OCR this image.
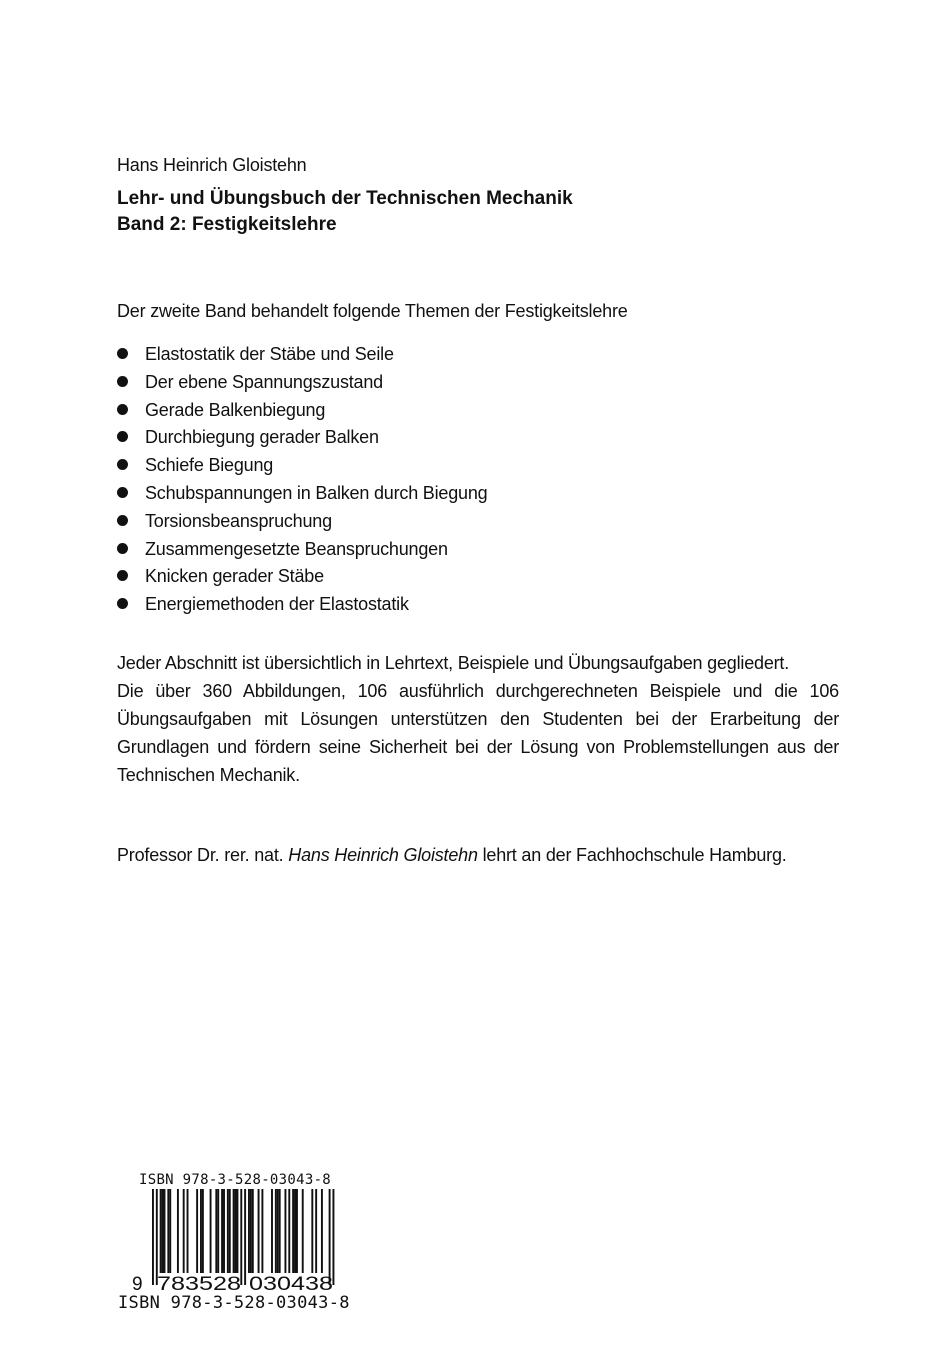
Hans Heinrich Gloistehn
Lehr- und Übungsbuch der Technischen Mechanik
Band 2: Festigkeitslehre
Der zweite Band behandelt folgende Themen der Festigkeitslehre
Elastostatik der Stäbe und Seile
Der ebene Spannungszustand
Gerade Balkenbiegung
Durchbiegung gerader Balken
Schiefe Biegung
Schubspannungen in Balken durch Biegung
Torsionsbeanspruchung
Zusammengesetzte Beanspruchungen
Knicken gerader Stäbe
Energiemethoden der Elastostatik

Jeder Abschnitt ist übersichtlich in Lehrtext, Beispiele und Übungsaufgaben gegliedert.

Die über 360 Abbildungen, 106 ausführlich durchgerechneten Beispiele und die 106 Übungsaufgaben mit Lösungen unterstützen den Studenten bei der Erarbeitung der Grundlagen und fördern seine Sicherheit bei der Lösung von Problemstellungen aus der Technischen Mechanik.

Professor Dr. rer. nat. Hans Heinrich Gloistehn lehrt an der Fachhochschule Hamburg.
ISBN 978-3-528-03043-8
9 783528 030438
ISBN 978-3-528-03043-8
